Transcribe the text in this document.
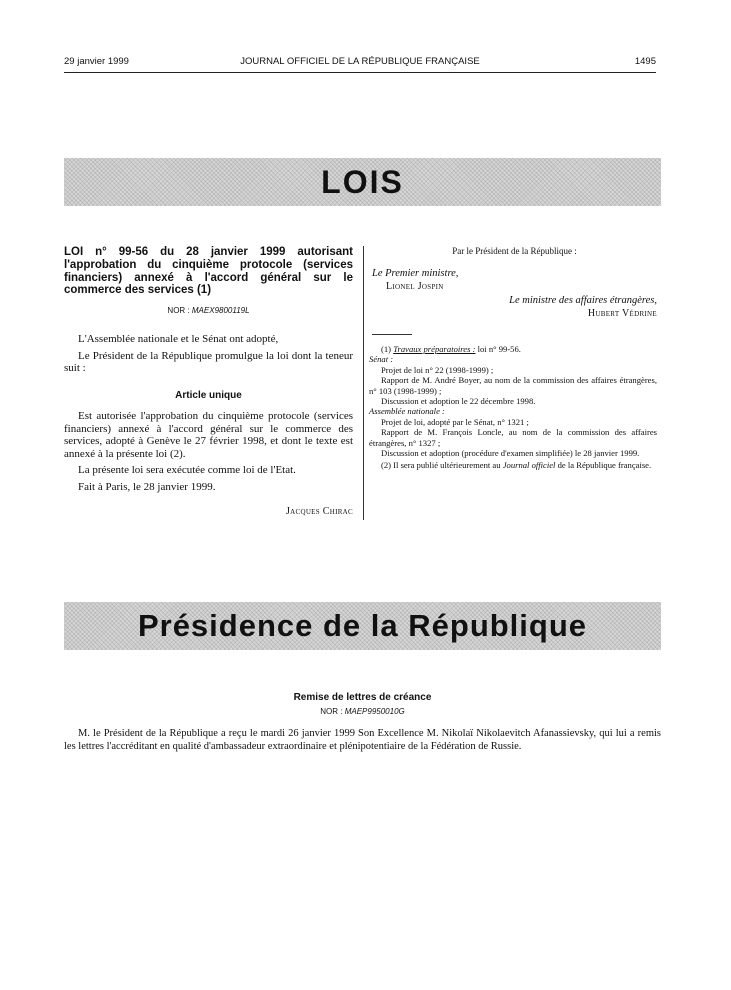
29 janvier 1999	JOURNAL OFFICIEL DE LA RÉPUBLIQUE FRANÇAISE	1495
LOIS
LOI n° 99-56 du 28 janvier 1999 autorisant l'approbation du cinquième protocole (services financiers) annexé à l'accord général sur le commerce des services (1)
NOR : MAEX9800119L

L'Assemblée nationale et le Sénat ont adopté,

Le Président de la République promulgue la loi dont la teneur suit :

Article unique

Est autorisée l'approbation du cinquième protocole (services financiers) annexé à l'accord général sur le commerce des services, adopté à Genève le 27 février 1998, et dont le texte est annexé à la présente loi (2).

La présente loi sera exécutée comme loi de l'Etat.

Fait à Paris, le 28 janvier 1999.

Jacques Chirac
Par le Président de la République :
Le Premier ministre,
Lionel Jospin
Le ministre des affaires étrangères,
Hubert Védrine

(1) Travaux préparatoires : loi n° 99-56.

Sénat :

Projet de loi n° 22 (1998-1999) ;

Rapport de M. André Boyer, au nom de la commission des affaires étrangères, n° 103 (1998-1999) ;

Discussion et adoption le 22 décembre 1998.

Assemblée nationale :

Projet de loi, adopté par le Sénat, n° 1321 ;

Rapport de M. François Loncle, au nom de la commission des affaires étrangères, n° 1327 ;

Discussion et adoption (procédure d'examen simplifiée) le 28 janvier 1999.

(2) Il sera publié ultérieurement au Journal officiel de la République française.

Présidence de la République
Remise de lettres de créance
NOR : MAEP9950010G
M. le Président de la République a reçu le mardi 26 janvier 1999 Son Excellence M. Nikolaï Nikolaevitch Afanassievsky, qui lui a remis les lettres l'accréditant en qualité d'ambassadeur extraordinaire et plénipotentiaire de la Fédération de Russie.
